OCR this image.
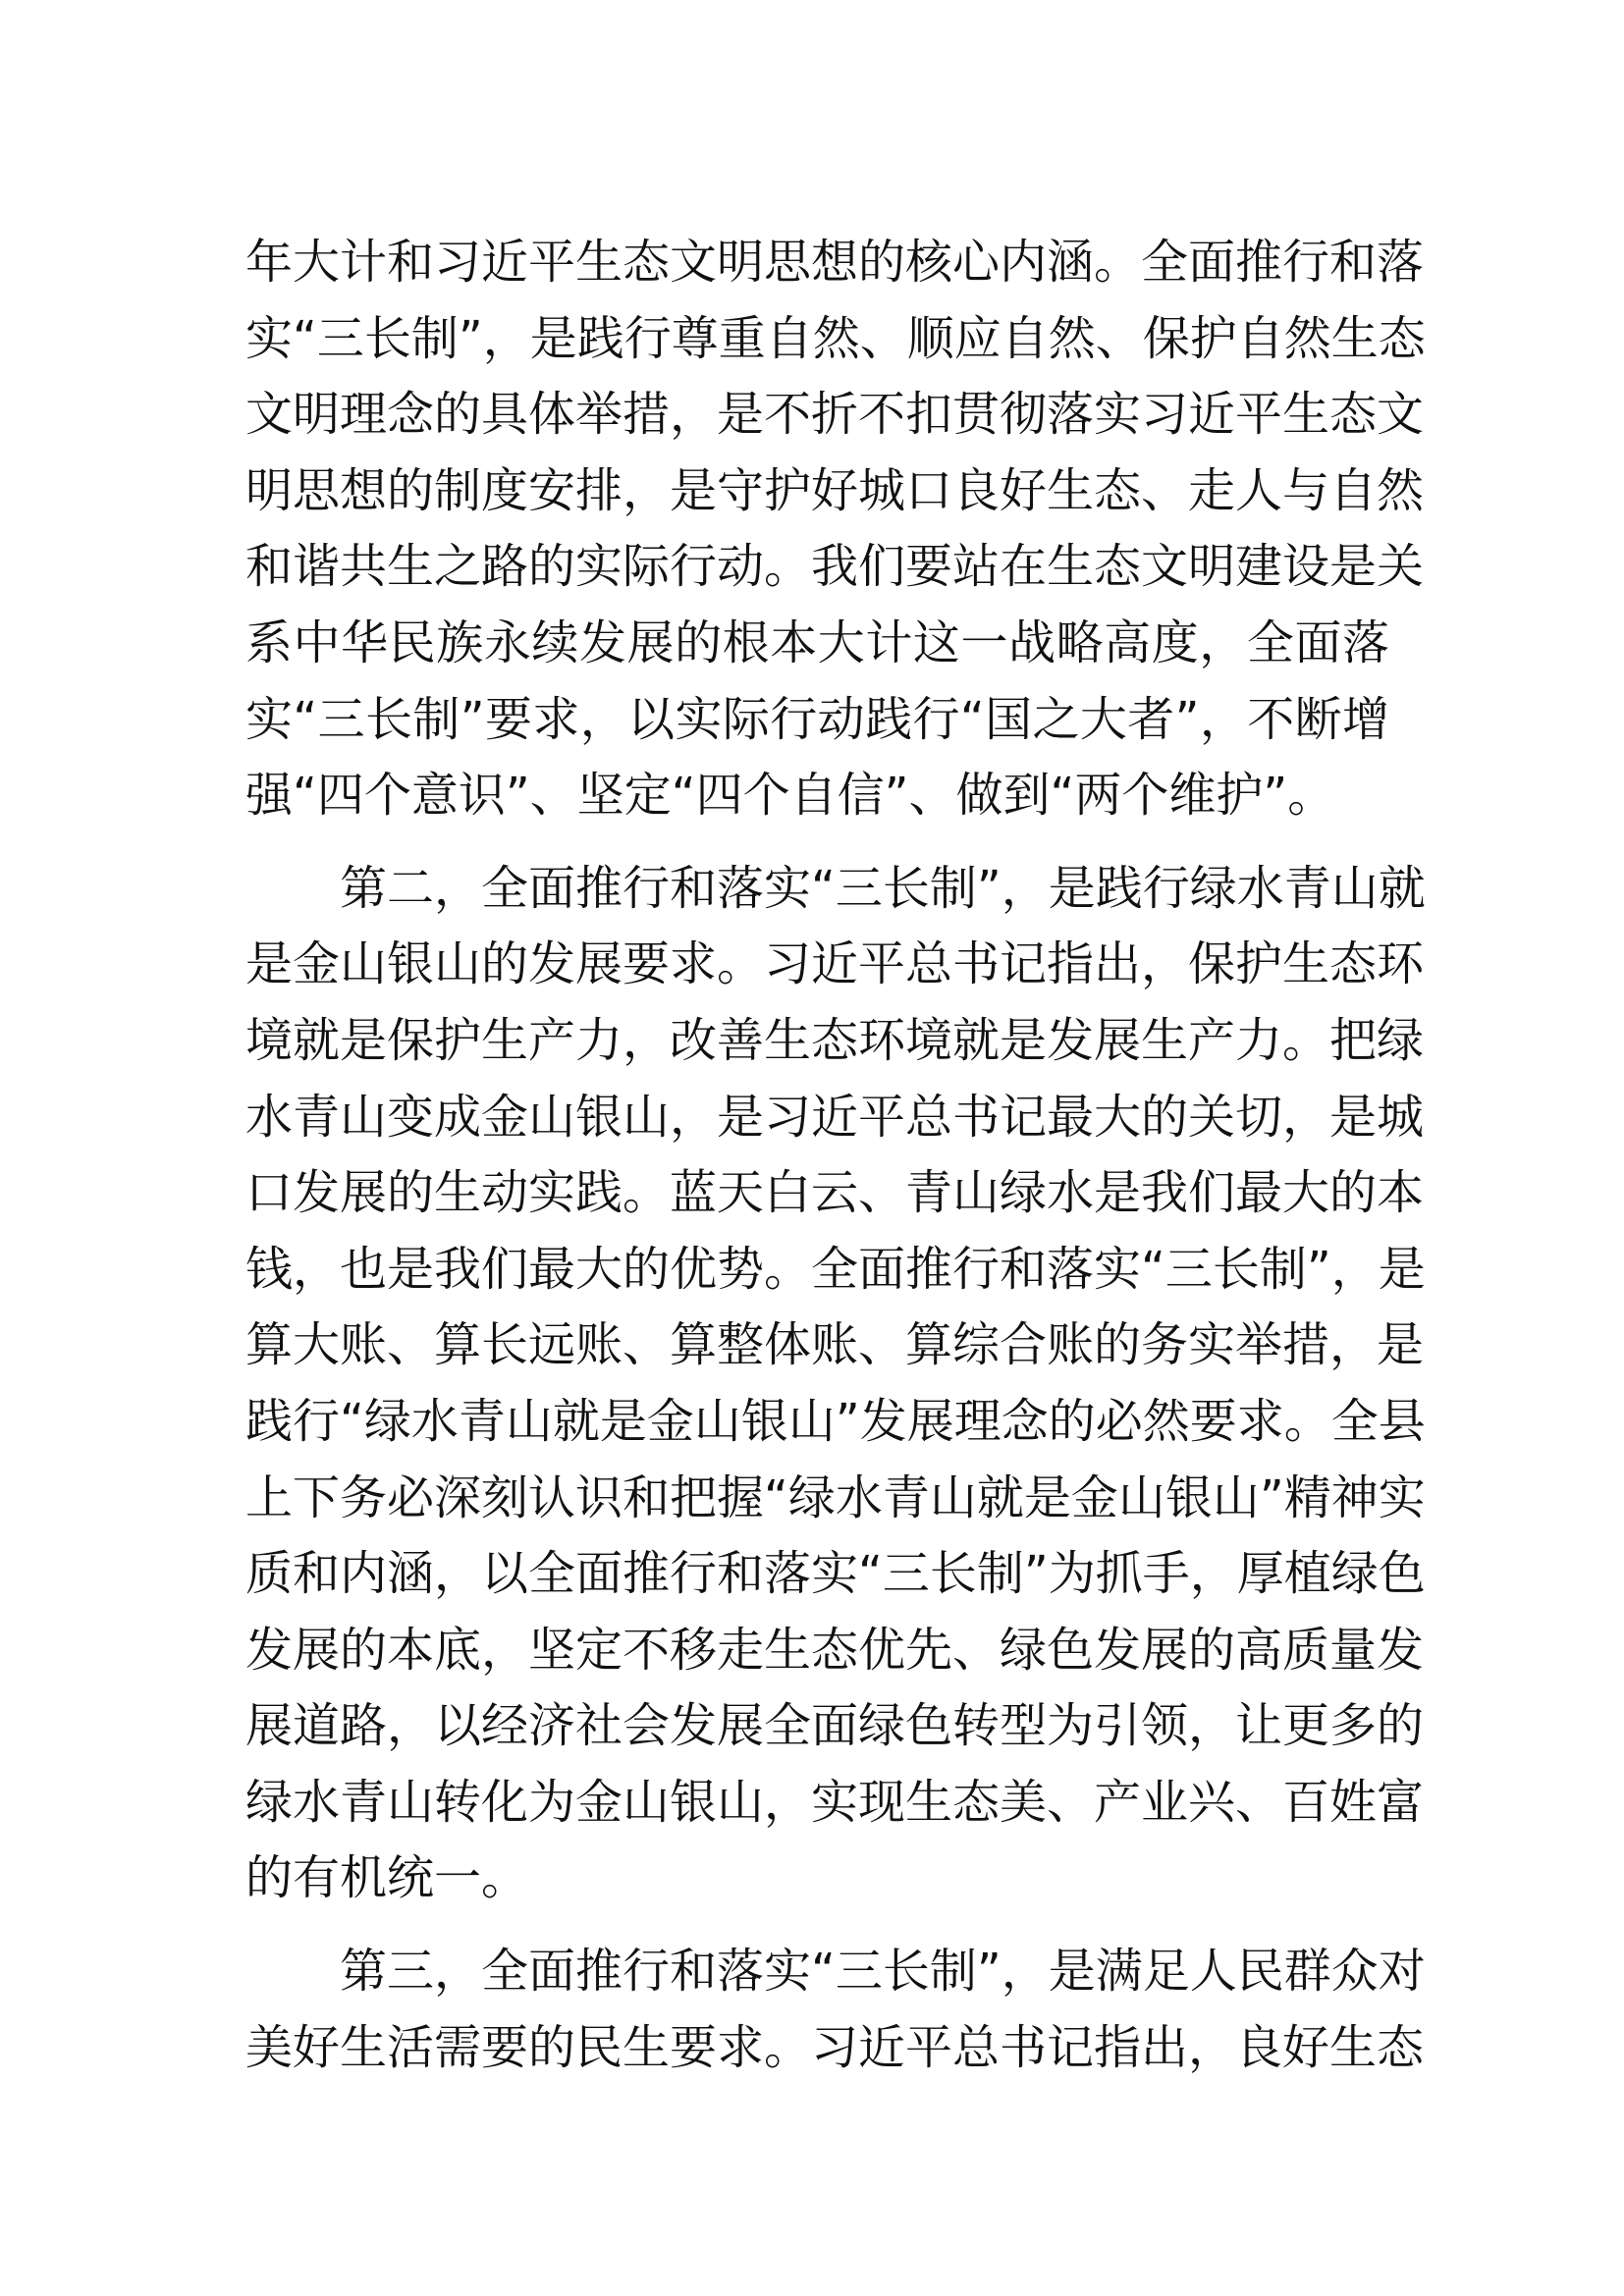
年大计和习近平生态文明思想的核心内涵。全面推行和落
实“三长制”，是践行尊重自然、顺应自然、保护自然生态
文明理念的具体举措，是不折不扣贯彻落实习近平生态文
明思想的制度安排，是守护好城口良好生态、走人与自然
和谐共生之路的实际行动。我们要站在生态文明建设是关
系中华民族永续发展的根本大计这一战略高度，全面落
实“三长制”要求，以实际行动践行“国之大者”，不断增
强“四个意识”、坚定“四个自信”、做到“两个维护”。
第二，全面推行和落实“三长制”，是践行绿水青山就
是金山银山的发展要求。习近平总书记指出，保护生态环
境就是保护生产力，改善生态环境就是发展生产力。把绿
水青山变成金山银山，是习近平总书记最大的关切，是城
口发展的生动实践。蓝天白云、青山绿水是我们最大的本
钱，也是我们最大的优势。全面推行和落实“三长制”，是
算大账、算长远账、算整体账、算综合账的务实举措，是
践行“绿水青山就是金山银山”发展理念的必然要求。全县
上下务必深刻认识和把握“绿水青山就是金山银山”精神实
质和内涵，以全面推行和落实“三长制”为抓手，厚植绿色
发展的本底，坚定不移走生态优先、绿色发展的高质量发
展道路，以经济社会发展全面绿色转型为引领，让更多的
绿水青山转化为金山银山，实现生态美、产业兴、百姓富
的有机统一。
第三，全面推行和落实“三长制”，是满足人民群众对
美好生活需要的民生要求。习近平总书记指出，良好生态
